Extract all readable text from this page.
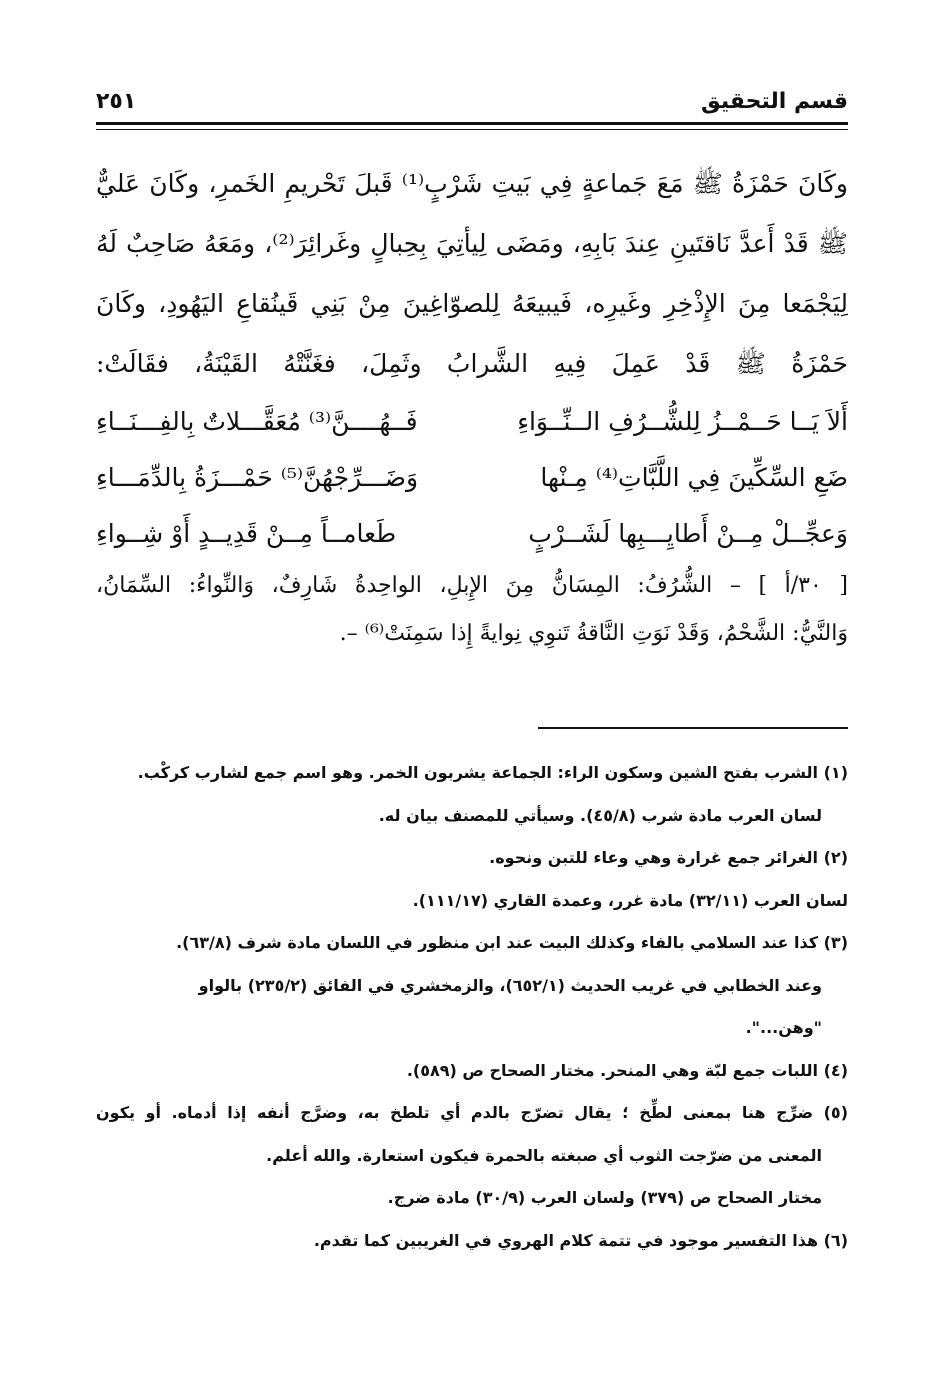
قسم التحقيق
٢٥١
وكَانَ حَمْزَةُ ﷺ مَعَ جَماعةٍ فِي بَيتِ شَرْبٍ⁽¹⁾ قَبلَ تَحْريمِ الخَمرِ، وكَانَ عَليٌّ
ﷺ قَدْ أَعدَّ نَاقتَينِ عِندَ بَابِهِ، ومَضَى لِيأتِيَ بِحِبالٍ وغَرائِرَ⁽²⁾، ومَعَهُ صَاحِبٌ لَهُ
لِيَجْمَعا مِنَ الإِذْخِرِ وغَيرِه، فَيبيعَهُ لِلصوّاغِينَ مِنْ بَنِي قَينُقاعِ اليَهُودِ، وكَانَ
حَمْزَةُ ﷺ قَدْ عَمِلَ فِيهِ الشَّرابُ وثَمِلَ، فغَنَّتْهُ القَيْنَةُ، فقَالَتْ:
أَلاَ يَــا حَــمْــزُ لِلشُّــرُفِ الــنِّــوَاءِ
فَــهُــــنَّ⁽³⁾ مُعَقَّـــلاتٌ بِالفِـــنَــاءِ
ضَعِ السِّكِّينَ فِي اللَّبَّاتِ⁽⁴⁾ مِـنْها
وَضَـــرِّجْهُنَّ⁽⁵⁾ حَمْـــزَةُ بِالدِّمَـــاءِ
وَعجِّــلْ مِــنْ أَطايِـــبِها لَشَــرْبٍ
طَعامــاً مِــنْ قَدِيــدٍ أَوْ شِــواءِ
[ ٣٠/أ ] – الشُّرُفُ: المِسَانُّ مِنَ الإِبلِ، الواحِدةُ شَارِفٌ، وَالنِّواءُ: السِّمَانُ،
وَالنَّيُّ: الشَّحْمُ، وَقَدْ نَوَتِ النَّاقةُ تَنوِي نِوايةً إِذا سَمِنَتْ⁽⁶⁾ –.
(١) الشرب بفتح الشين وسكون الراء: الجماعة يشربون الخمر. وهو اسم جمع لشارب كركْب.
لسان العرب مادة شرب (٤٥/٨). وسيأتي للمصنف بيان له.
(٢) الغرائر جمع غرارة وهي وعاء للتبن ونحوه.
لسان العرب (٣٢/١١) مادة غرر، وعمدة القاري (١١١/١٧).
(٣) كذا عند السلامي بالفاء وكذلك البيت عند ابن منظور في اللسان مادة شرف (٦٣/٨).
وعند الخطابي في غريب الحديث (٦٥٢/١)، والزمخشري في الفائق (٢٣٥/٢) بالواو
"وهن...".
(٤) اللبات جمع لبّة وهي المنحر. مختار الصحاح ص (٥٨٩).
(٥) ضرِّج هنا بمعنى لطِّخ ؛ يقال تضرّج بالدم أي تلطخ به، وضرَّج أنفه إذا أدماه. أو يكون
المعنى من ضرّجت الثوب أي صبغته بالحمرة فيكون استعارة. والله أعلم.
مختار الصحاح ص (٣٧٩) ولسان العرب (٣٠/٩) مادة ضرج.
(٦) هذا التفسير موجود في تتمة كلام الهروي في الغريبين كما تقدم.
